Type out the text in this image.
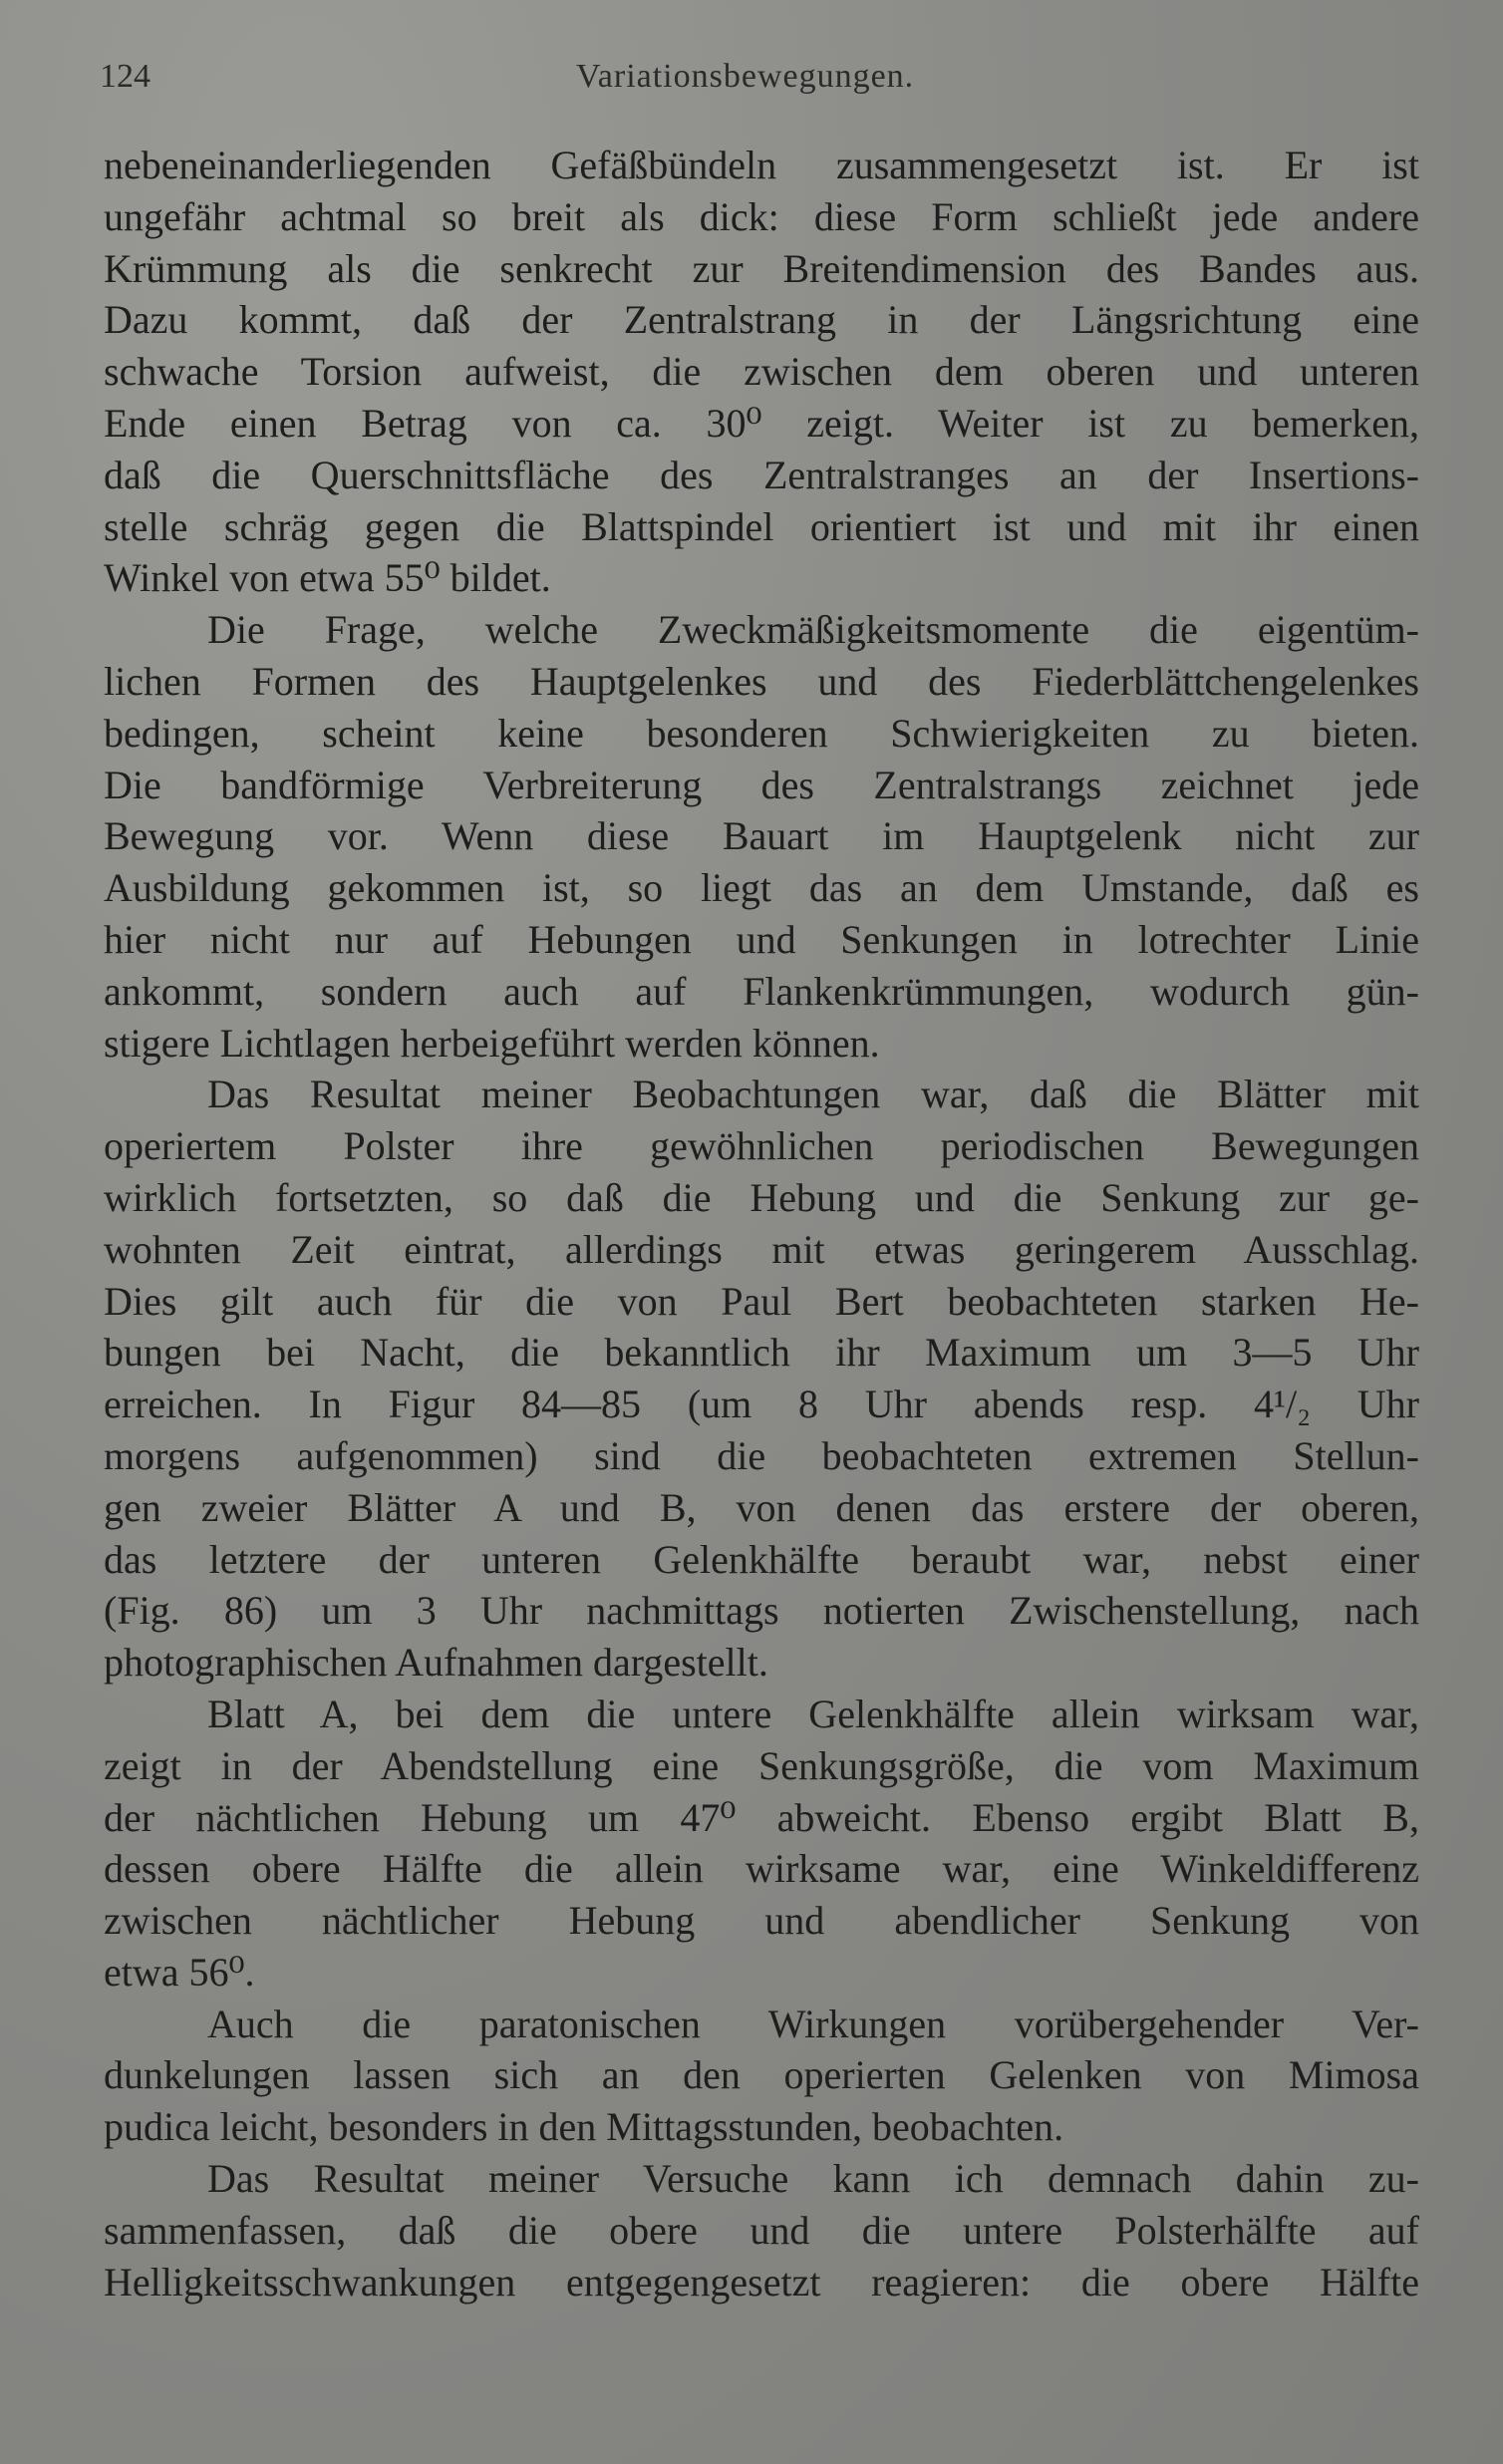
124	Variationsbewegungen.
nebeneinanderliegenden Gefäßbündeln zusammengesetzt ist. Er ist
ungefähr achtmal so breit als dick: diese Form schließt jede andere
Krümmung als die senkrecht zur Breitendimension des Bandes aus.
Dazu kommt, daß der Zentralstrang in der Längsrichtung eine
schwache Torsion aufweist, die zwischen dem oberen und unteren
Ende einen Betrag von ca. 30⁰ zeigt. Weiter ist zu bemerken,
daß die Querschnittsfläche des Zentralstranges an der Insertions-
stelle schräg gegen die Blattspindel orientiert ist und mit ihr einen
Winkel von etwa 55⁰ bildet.
Die Frage, welche Zweckmäßigkeitsmomente die eigentüm-
lichen Formen des Hauptgelenkes und des Fiederblättchengelenkes
bedingen, scheint keine besonderen Schwierigkeiten zu bieten.
Die bandförmige Verbreiterung des Zentralstrangs zeichnet jede
Bewegung vor. Wenn diese Bauart im Hauptgelenk nicht zur
Ausbildung gekommen ist, so liegt das an dem Umstande, daß es
hier nicht nur auf Hebungen und Senkungen in lotrechter Linie
ankommt, sondern auch auf Flankenkrümmungen, wodurch gün-
stigere Lichtlagen herbeigeführt werden können.
Das Resultat meiner Beobachtungen war, daß die Blätter mit
operiertem Polster ihre gewöhnlichen periodischen Bewegungen
wirklich fortsetzten, so daß die Hebung und die Senkung zur ge-
wohnten Zeit eintrat, allerdings mit etwas geringerem Ausschlag.
Dies gilt auch für die von Paul Bert beobachteten starken He-
bungen bei Nacht, die bekanntlich ihr Maximum um 3—5 Uhr
erreichen. In Figur 84—85 (um 8 Uhr abends resp. 4¹/₂ Uhr
morgens aufgenommen) sind die beobachteten extremen Stellun-
gen zweier Blätter A und B, von denen das erstere der oberen,
das letztere der unteren Gelenkhälfte beraubt war, nebst einer
(Fig. 86) um 3 Uhr nachmittags notierten Zwischenstellung, nach
photographischen Aufnahmen dargestellt.
Blatt A, bei dem die untere Gelenkhälfte allein wirksam war,
zeigt in der Abendstellung eine Senkungsgröße, die vom Maximum
der nächtlichen Hebung um 47⁰ abweicht. Ebenso ergibt Blatt B,
dessen obere Hälfte die allein wirksame war, eine Winkeldifferenz
zwischen nächtlicher Hebung und abendlicher Senkung von
etwa 56⁰.
Auch die paratonischen Wirkungen vorübergehender Ver-
dunkelungen lassen sich an den operierten Gelenken von Mimosa
pudica leicht, besonders in den Mittagsstunden, beobachten.
Das Resultat meiner Versuche kann ich demnach dahin zu-
sammenfassen, daß die obere und die untere Polsterhälfte auf
Helligkeitsschwankungen entgegengesetzt reagieren: die obere Hälfte
